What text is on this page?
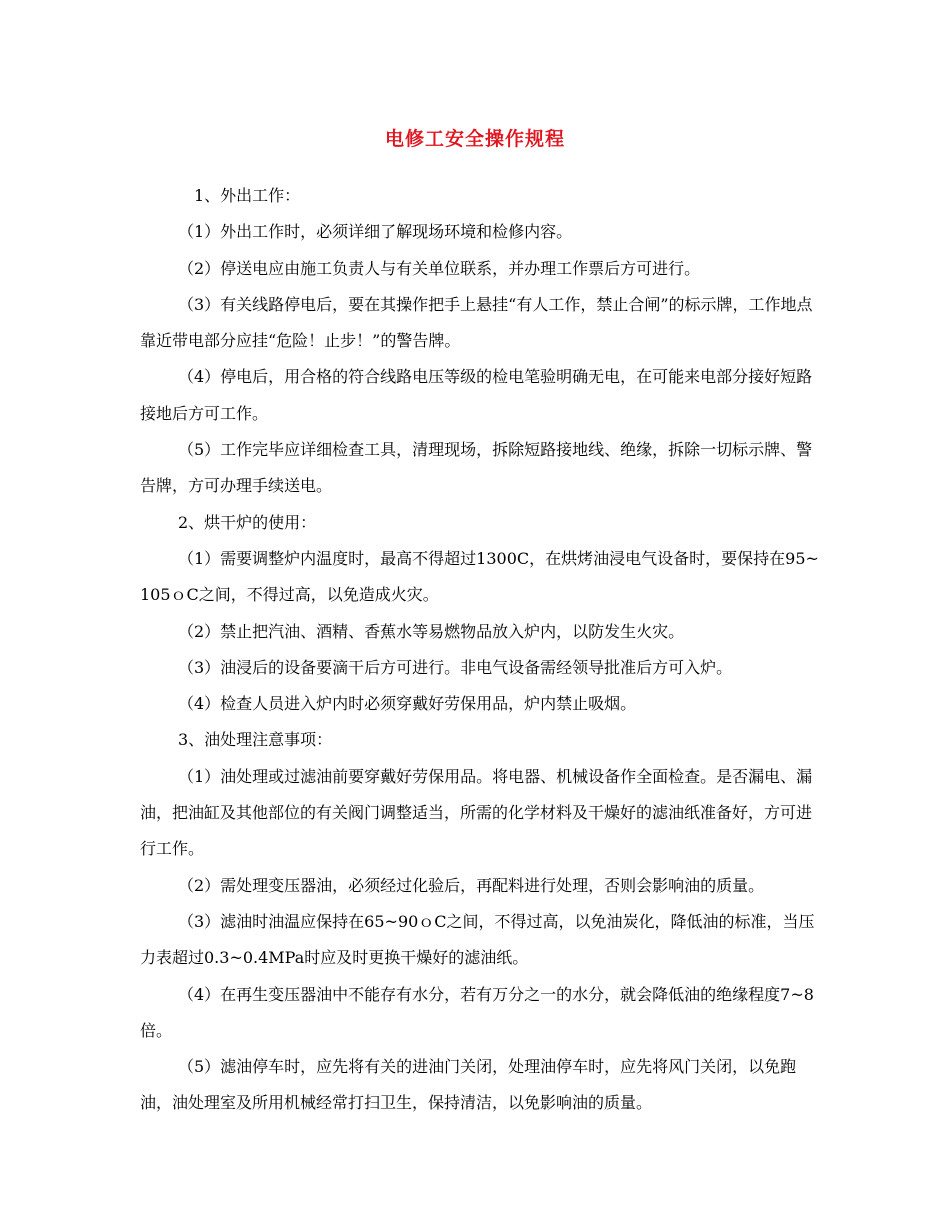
电修工安全操作规程

　1、外出工作：

（1）外出工作时，必须详细了解现场环境和检修内容。

（2）停送电应由施工负责人与有关单位联系，并办理工作票后方可进行。

（3）有关线路停电后，要在其操作把手上悬挂“有人工作，禁止合闸”的标示牌，工作地点靠近带电部分应挂“危险！止步！”的警告牌。

（4）停电后，用合格的符合线路电压等级的检电笔验明确无电，在可能来电部分接好短路接地后方可工作。

（5）工作完毕应详细检查工具，清理现场，拆除短路接地线、绝缘，拆除一切标示牌、警告牌，方可办理手续送电。

2、烘干炉的使用：

（1）需要调整炉内温度时，最高不得超过1300C，在烘烤油浸电气设备时，要保持在95~105ｏC之间，不得过高，以免造成火灾。

（2）禁止把汽油、酒精、香蕉水等易燃物品放入炉内，以防发生火灾。

（3）油浸后的设备要滴干后方可进行。非电气设备需经领导批准后方可入炉。

（4）检查人员进入炉内时必须穿戴好劳保用品，炉内禁止吸烟。

3、油处理注意事项：

（1）油处理或过滤油前要穿戴好劳保用品。将电器、机械设备作全面检查。是否漏电、漏油，把油缸及其他部位的有关阀门调整适当，所需的化学材料及干燥好的滤油纸准备好，方可进行工作。

（2）需处理变压器油，必须经过化验后，再配料进行处理，否则会影响油的质量。

（3）滤油时油温应保持在65~90ｏC之间，不得过高，以免油炭化，降低油的标准，当压力表超过0.3~0.4MPa时应及时更换干燥好的滤油纸。

（4）在再生变压器油中不能存有水分，若有万分之一的水分，就会降低油的绝缘程度7~8倍。

（5）滤油停车时，应先将有关的进油门关闭，处理油停车时，应先将风门关闭，以免跑油，油处理室及所用机械经常打扫卫生，保持清洁，以免影响油的质量。
